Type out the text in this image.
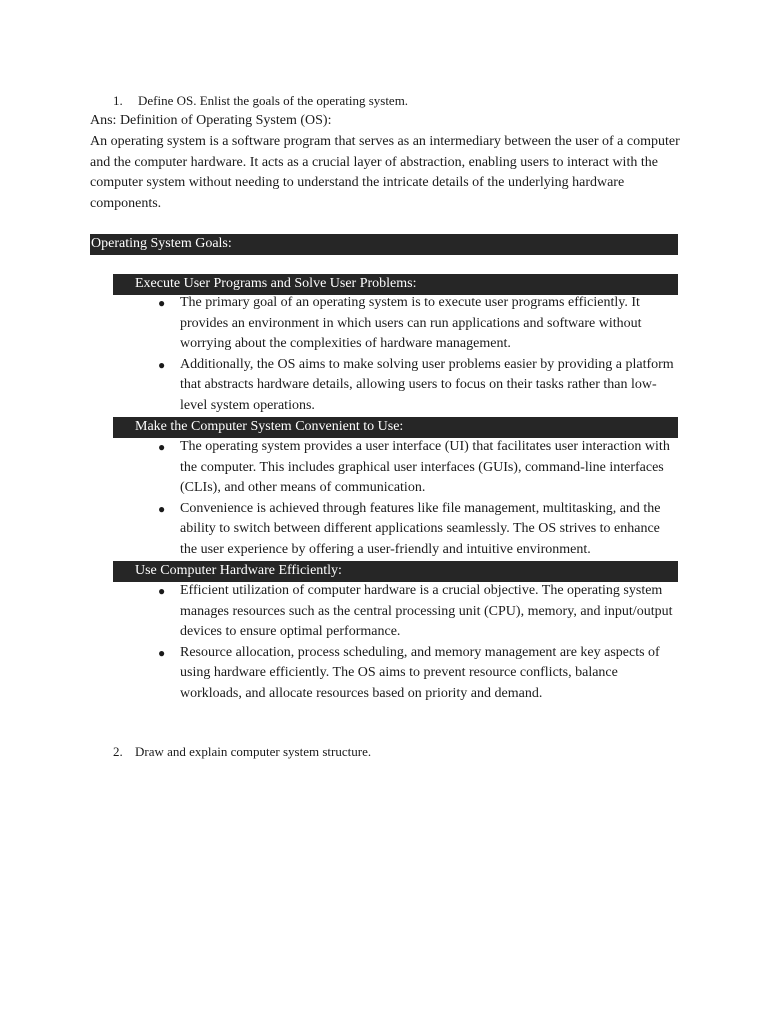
1. Define OS. Enlist the goals of the operating system.
Ans: Definition of Operating System (OS):
An operating system is a software program that serves as an intermediary between the user of a computer and the computer hardware. It acts as a crucial layer of abstraction, enabling users to interact with the computer system without needing to understand the intricate details of the underlying hardware components.
Operating System Goals:
Execute User Programs and Solve User Problems:
● The primary goal of an operating system is to execute user programs efficiently. It provides an environment in which users can run applications and software without worrying about the complexities of hardware management.
● Additionally, the OS aims to make solving user problems easier by providing a platform that abstracts hardware details, allowing users to focus on their tasks rather than low-level system operations.
Make the Computer System Convenient to Use:
● The operating system provides a user interface (UI) that facilitates user interaction with the computer. This includes graphical user interfaces (GUIs), command-line interfaces (CLIs), and other means of communication.
● Convenience is achieved through features like file management, multitasking, and the ability to switch between different applications seamlessly. The OS strives to enhance the user experience by offering a user-friendly and intuitive environment.
Use Computer Hardware Efficiently:
● Efficient utilization of computer hardware is a crucial objective. The operating system manages resources such as the central processing unit (CPU), memory, and input/output devices to ensure optimal performance.
● Resource allocation, process scheduling, and memory management are key aspects of using hardware efficiently. The OS aims to prevent resource conflicts, balance workloads, and allocate resources based on priority and demand.
2. Draw and explain computer system structure.
